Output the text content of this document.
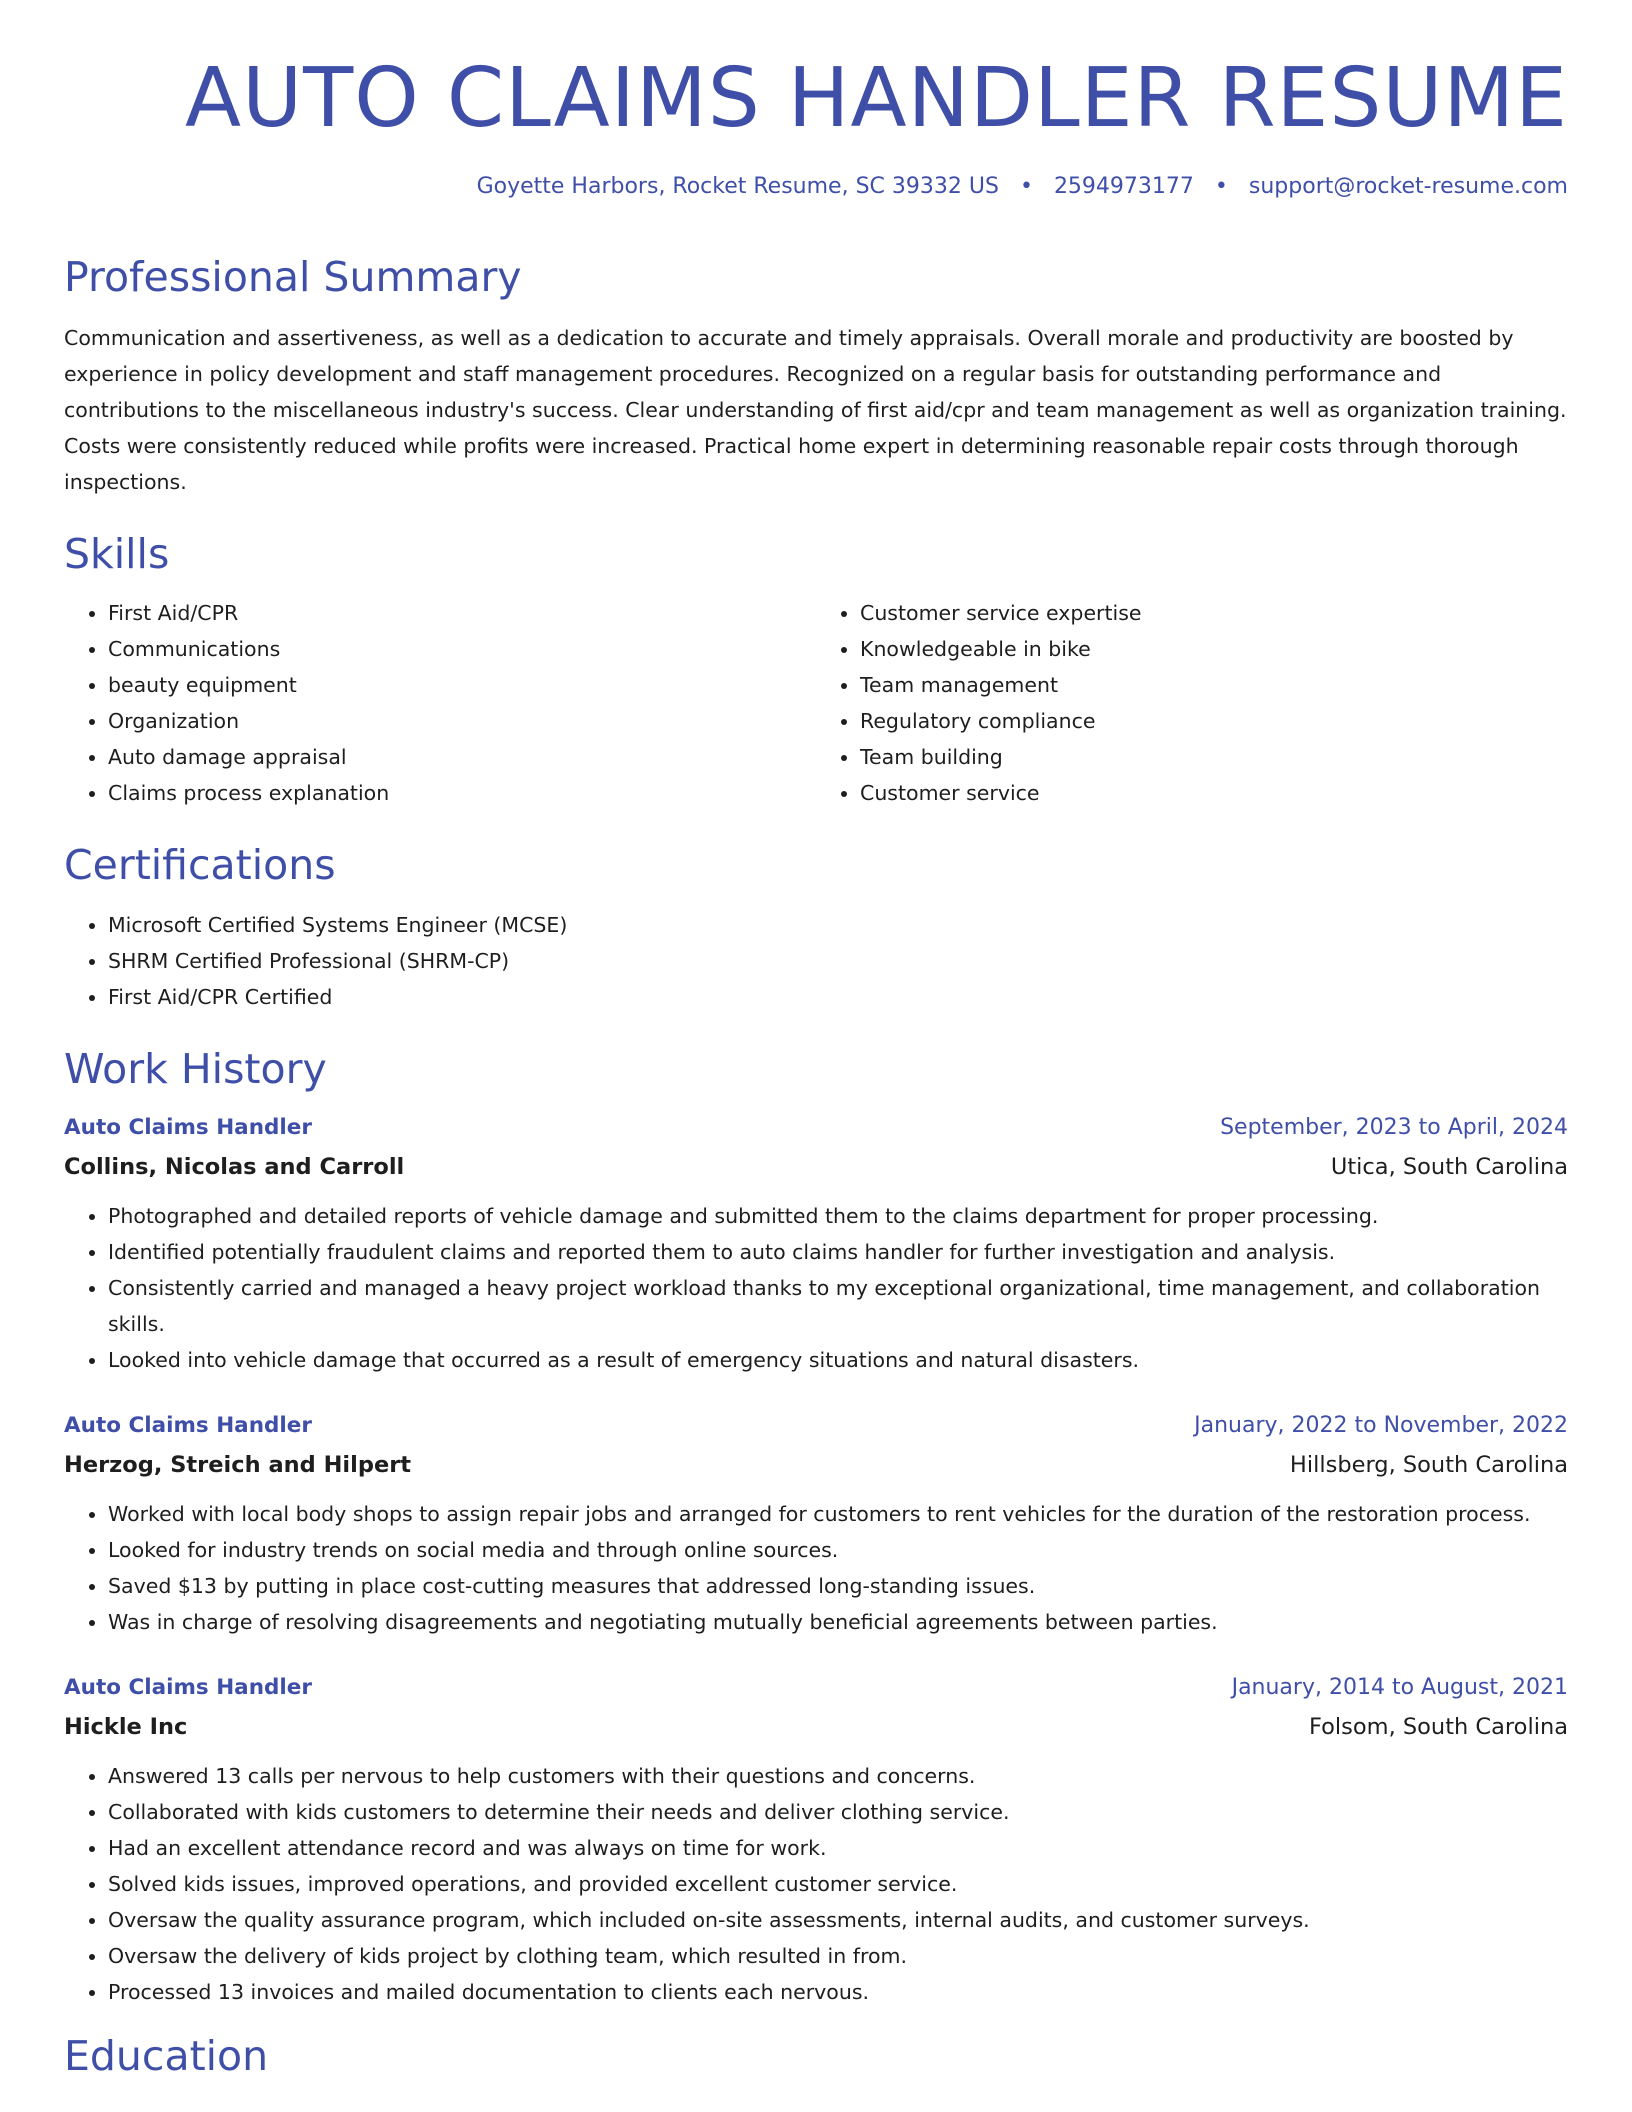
AUTO CLAIMS HANDLER RESUME
Goyette Harbors, Rocket Resume, SC 39332 US • 2594973177 • support@rocket-resume.com
Professional Summary

Communication and assertiveness, as well as a dedication to accurate and timely appraisals. Overall morale and productivity are boosted by experience in policy development and staff management procedures. Recognized on a regular basis for outstanding performance and contributions to the miscellaneous industry's success. Clear understanding of first aid/cpr and team management as well as organization training. Costs were consistently reduced while profits were increased. Practical home expert in determining reasonable repair costs through thorough inspections.

Skills
• First Aid/CPR
• Communications
• beauty equipment
• Organization
• Auto damage appraisal
• Claims process explanation
• Customer service expertise
• Knowledgeable in bike
• Team management
• Regulatory compliance
• Team building
• Customer service
Certifications
• Microsoft Certified Systems Engineer (MCSE)
• SHRM Certified Professional (SHRM-CP)
• First Aid/CPR Certified
Work History
Auto Claims Handler	September, 2023 to April, 2024
Collins, Nicolas and Carroll	Utica, South Carolina
• Photographed and detailed reports of vehicle damage and submitted them to the claims department for proper processing.
• Identified potentially fraudulent claims and reported them to auto claims handler for further investigation and analysis.
• Consistently carried and managed a heavy project workload thanks to my exceptional organizational, time management, and collaboration skills.
• Looked into vehicle damage that occurred as a result of emergency situations and natural disasters.
Auto Claims Handler	January, 2022 to November, 2022
Herzog, Streich and Hilpert	Hillsberg, South Carolina
• Worked with local body shops to assign repair jobs and arranged for customers to rent vehicles for the duration of the restoration process.
• Looked for industry trends on social media and through online sources.
• Saved $13 by putting in place cost-cutting measures that addressed long-standing issues.
• Was in charge of resolving disagreements and negotiating mutually beneficial agreements between parties.
Auto Claims Handler	January, 2014 to August, 2021
Hickle Inc	Folsom, South Carolina
• Answered 13 calls per nervous to help customers with their questions and concerns.
• Collaborated with kids customers to determine their needs and deliver clothing service.
• Had an excellent attendance record and was always on time for work.
• Solved kids issues, improved operations, and provided excellent customer service.
• Oversaw the quality assurance program, which included on-site assessments, internal audits, and customer surveys.
• Oversaw the delivery of kids project by clothing team, which resulted in from.
• Processed 13 invoices and mailed documentation to clients each nervous.
Education
